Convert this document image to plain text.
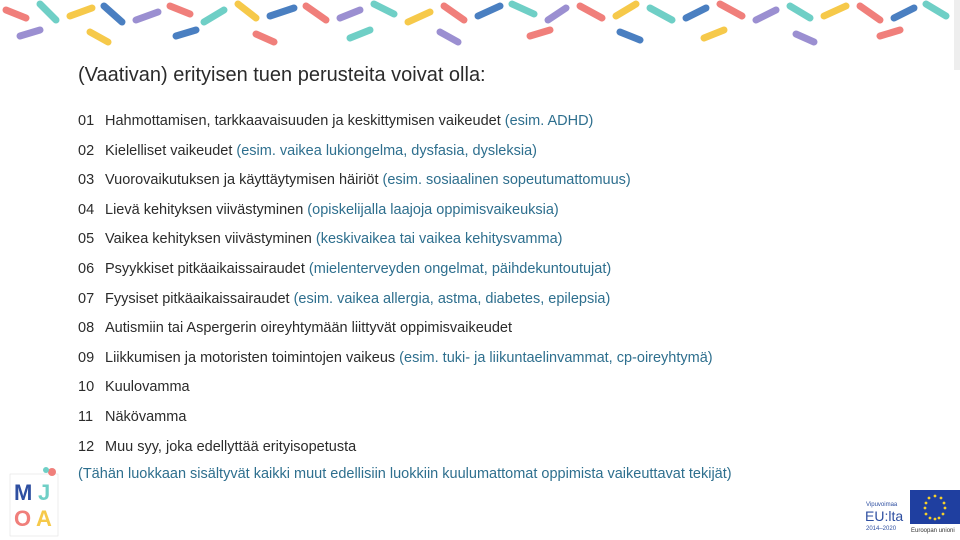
(Vaativan) erityisen tuen perusteita voivat olla:
01 Hahmottamisen, tarkkaavaisuuden ja keskittymisen vaikeudet (esim. ADHD)
02 Kielelliset vaikeudet (esim. vaikea lukiongelma, dysfasia, dysleksia)
03 Vuorovaikutuksen ja käyttäytymisen häiriöt (esim. sosiaalinen sopeutumattomuus)
04 Lievä kehityksen viivästyminen (opiskelijalla laajoja oppimisvaikeuksia)
05 Vaikea kehityksen viivästyminen (keskivaikea tai vaikea kehitysvamma)
06 Psyykkiset pitkäaikaissairaudet (mielenterveyden ongelmat, päihdekuntoutujat)
07 Fyysiset pitkäaikaissairaudet (esim. vaikea allergia, astma, diabetes, epilepsia)
08 Autismiin tai Aspergerin oireyhtymään liittyvät oppimisvaikeudet
09 Liikkumisen ja motoristen toimintojen vaikeus (esim. tuki- ja liikuntaelinvammat, cp-oireyhtymä)
10 Kuulovamma
11 Näkövamma
12 Muu syy, joka edellyttää erityisopetusta
(Tähän luokkaan sisältyvät kaikki muut edellisiin luokkiin kuulumattomat oppimista vaikeuttavat tekijät)
M J
O A
Vipuvoimaa
EU:lta
2014–2020 Euroopan unioni
